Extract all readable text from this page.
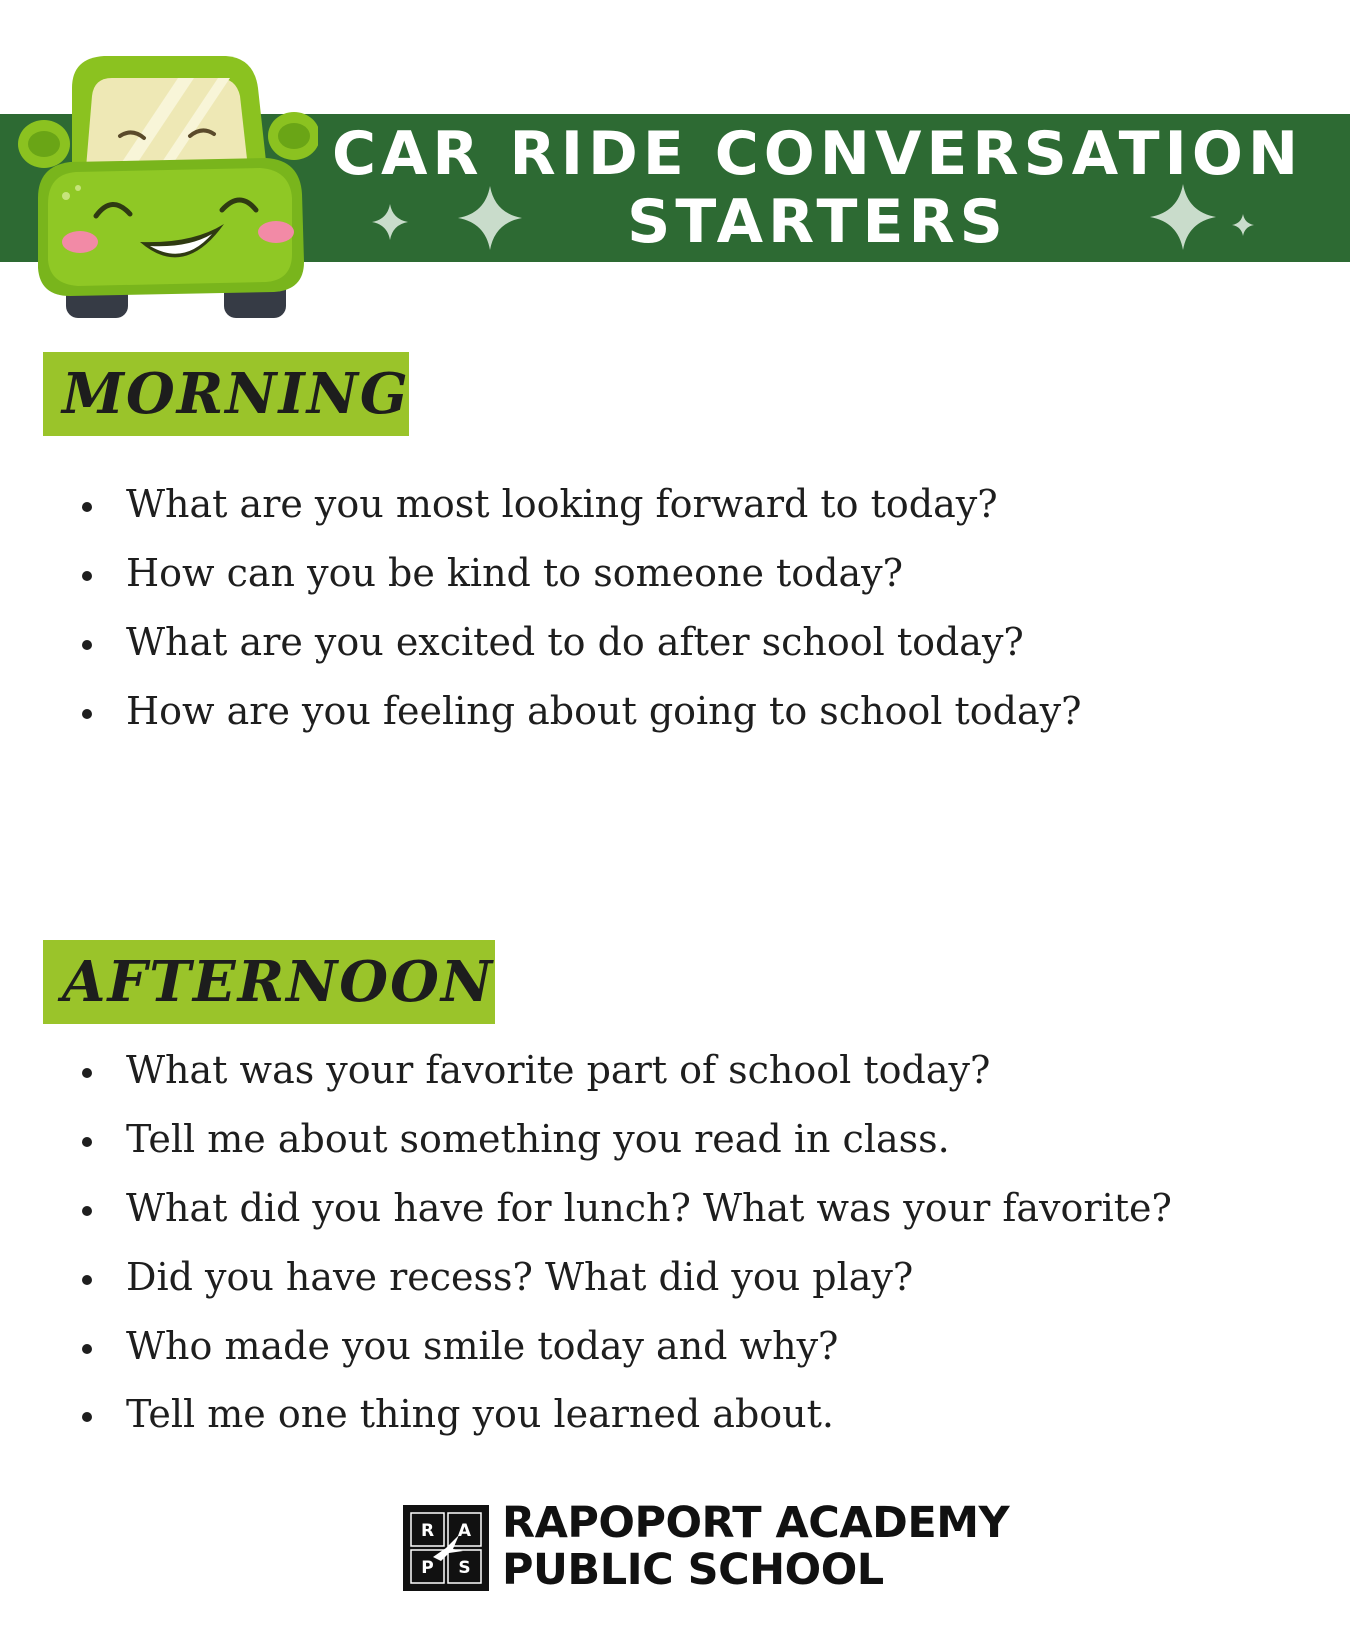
CAR RIDE CONVERSATION
STARTERS
MORNING
What are you most looking forward to today?
How can you be kind to someone today?
What are you excited to do after school today?
How are you feeling about going to school today?
AFTERNOON
What was your favorite part of school today?
Tell me about something you read in class.
What did you have for lunch? What was your favorite?
Did you have recess? What did you play?
Who made you smile today and why?
Tell me one thing you learned about.
R A
P S
RAPOPORT ACADEMY
PUBLIC SCHOOL
